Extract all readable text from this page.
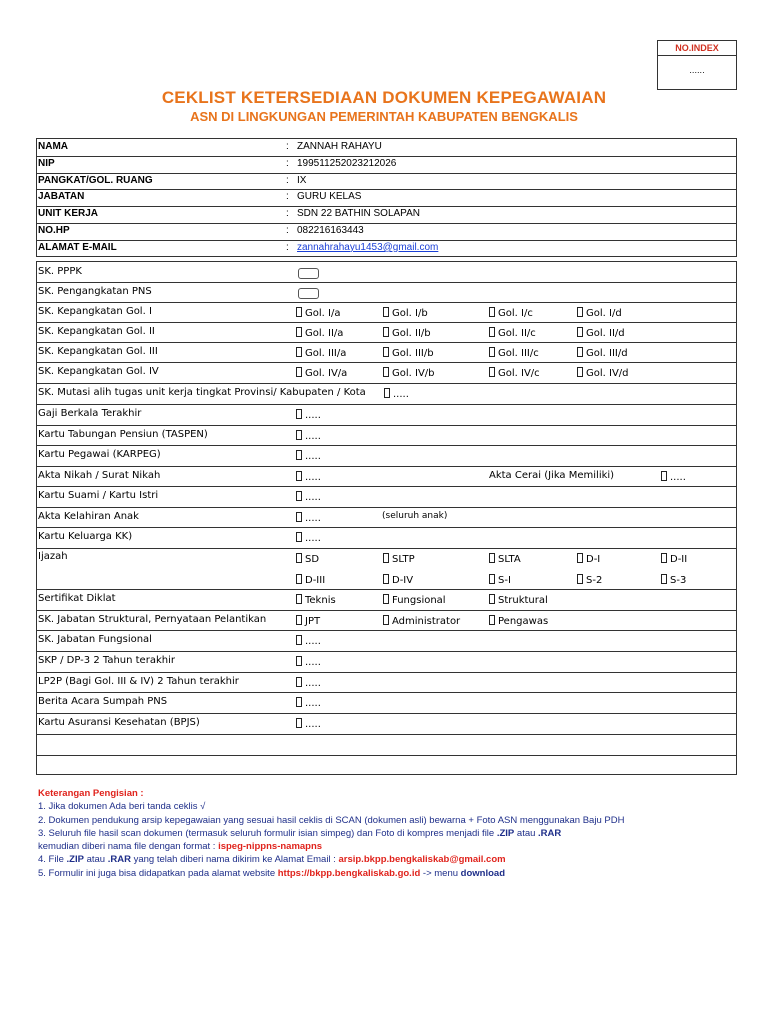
NO.INDEX
......
CEKLIST KETERSEDIAAN DOKUMEN KEPEGAWAIAN
ASN DI LINGKUNGAN PEMERINTAH KABUPATEN BENGKALIS
NAMA	: ZANNAH RAHAYU
NIP	: 199511252023212026
PANGKAT/GOL. RUANG	: IX
JABATAN	: GURU KELAS
UNIT KERJA	: SDN 22 BATHIN SOLAPAN
NO.HP	: 082216163443
ALAMAT E-MAIL	: zannahrahayu1453@gmail.com
SK. PPPK
SK. Pengangkatan PNS
SK. Kepangkatan Gol. I	Gol. I/a	Gol. I/b	Gol. I/c	Gol. I/d
SK. Kepangkatan Gol. II	Gol. II/a	Gol. II/b	Gol. II/c	Gol. II/d
SK. Kepangkatan Gol. III	Gol. III/a	Gol. III/b	Gol. III/c	Gol. III/d
SK. Kepangkatan Gol. IV	Gol. IV/a	Gol. IV/b	Gol. IV/c	Gol. IV/d
SK. Mutasi alih tugas unit kerja tingkat Provinsi/ Kabupaten / Kota	.....
Gaji Berkala Terakhir	.....
Kartu Tabungan Pensiun (TASPEN)	.....
Kartu Pegawai (KARPEG)	.....
Akta Nikah / Surat Nikah	.....	Akta Cerai (Jika Memiliki)	.....
Kartu Suami / Kartu Istri	.....
Akta Kelahiran Anak	.....	(seluruh anak)
Kartu Keluarga KK)	.....
Ijazah	SD	SLTP	SLTA	D-I	D-II
D-III	D-IV	S-I	S-2	S-3
Sertifikat Diklat	Teknis	Fungsional	Struktural
SK. Jabatan Struktural, Pernyataan Pelantikan	JPT	Administrator	Pengawas
SK. Jabatan Fungsional	.....
SKP / DP-3 2 Tahun terakhir	.....
LP2P (Bagi Gol. III & IV) 2 Tahun terakhir	.....
Berita Acara Sumpah PNS	.....
Kartu Asuransi Kesehatan (BPJS)	.....
Keterangan Pengisian :
1. Jika dokumen Ada beri tanda ceklis √
2. Dokumen pendukung arsip kepegawaian yang sesuai hasil ceklis di SCAN (dokumen asli) bewarna + Foto ASN menggunakan Baju PDH
3. Seluruh file hasil scan dokumen (termasuk seluruh formulir isian simpeg) dan Foto di kompres menjadi file .ZIP atau .RAR
kemudian diberi nama file dengan format : ispeg-nippns-namapns
4. File .ZIP atau .RAR yang telah diberi nama dikirim ke Alamat Email : arsip.bkpp.bengkaliskab@gmail.com
5. Formulir ini juga bisa didapatkan pada alamat website https://bkpp.bengkaliskab.go.id -> menu download
